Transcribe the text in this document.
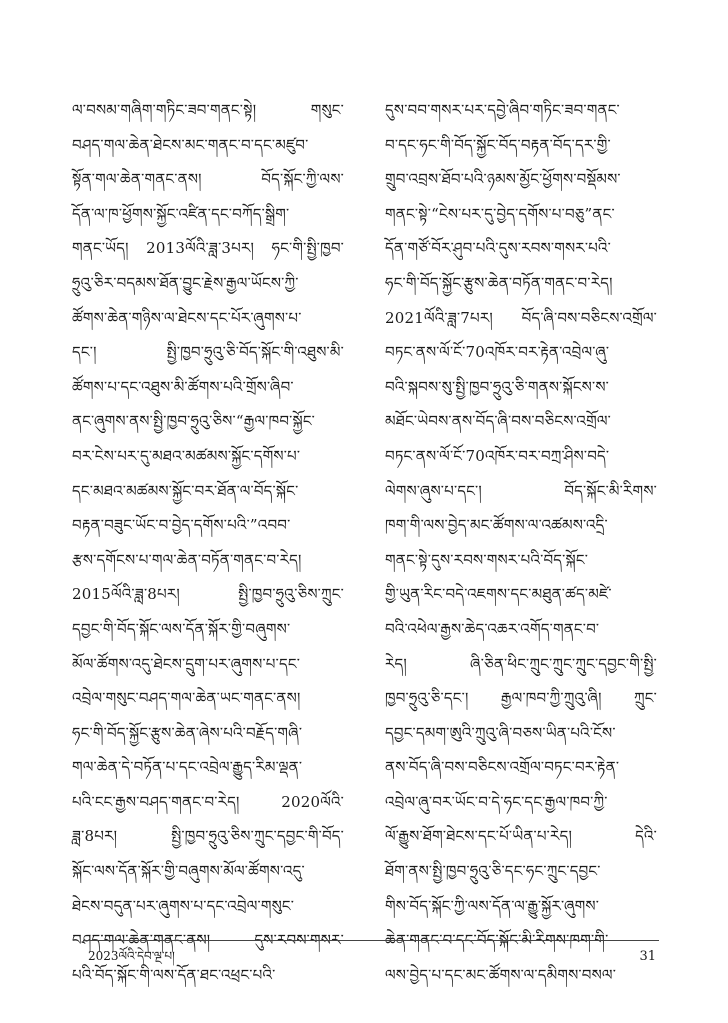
ལ་བསམ་གཞིག་གཏིང་ཟབ་གནང་སྟེ། གསུང་
བཤད་གལ་ཆེན་ཐེངས་མང་གནང་བ་དང་མཛུབ་
སྟོན་གལ་ཆེན་གནང་ནས། བོད་སྐོང་ཀྱི་ལས་
དོན་ལ་ཁ་ཕྱོགས་སྐྱོང་འཛིན་དང་བཀོད་སྒྲིག་
གནང་ཡོད། 2013ལོའི་ཟླ་3པར། ཧང་གི་སྤྱི་ཁྱབ་
ཧྲུའུ་ཅིར་བདམས་ཐོན་བྱུང་རྗེས་རྒྱལ་ཡོངས་ཀྱི་
ཚོགས་ཆེན་གཉིས་ལ་ཐེངས་དང་པོར་ཞུགས་པ་
དང་། སྤྱི་ཁྱབ་ཧྲུའུ་ཅི་བོད་སྐོང་གི་འཐུས་མི་
ཚོགས་པ་དང་འཐུས་མི་ཚོགས་པའི་གྲོས་ཞིབ་
ནང་ཞུགས་ནས་སྤྱི་ཁྱབ་ཧྲུའུ་ཅིས་“རྒྱལ་ཁབ་སྐྱོང་
བར་ངེས་པར་དུ་མཐའ་མཚམས་སྐྱོང་དགོས་པ་
དང་མཐའ་མཚམས་སྐྱོང་བར་ཐོན་ལ་བོད་སྐོང་
བརྟན་བཟུང་ཡོང་བ་བྱེད་དགོས་པའི་”འབབ་
རྩས་དགོངས་པ་གལ་ཆེན་བཏོན་གནང་བ་རེད།
2015ལོའི་ཟླ་8པར། སྤྱི་ཁྱབ་ཧྲུའུ་ཅིས་ཀྲུང་
དབྱང་གི་བོད་སྐོང་ལས་དོན་སྐོར་གྱི་བཞུགས་
མོལ་ཚོགས་འདུ་ཐེངས་དྲུག་པར་ཞུགས་པ་དང་
འབྲེལ་གསུང་བཤད་གལ་ཆེན་ཡང་གནང་ནས།
ཧང་གི་བོད་སྐྱོང་རྩུས་ཆེན་ཞེས་པའི་བརྗོད་གཞི་
གལ་ཆེན་དེ་བཏོན་པ་དང་འབྲེལ་རྒྱུད་རིམ་ལྡན་
པའི་ངང་རྒྱས་བཤད་གནང་བ་རེད། 2020ལོའི་
ཟླ་8པར། སྤྱི་ཁྱབ་ཧྲུའུ་ཅིས་ཀྲུང་དབྱང་གི་བོད་
སྐོང་ལས་དོན་སྐོར་གྱི་བཞུགས་མོལ་ཚོགས་འདུ་
ཐེངས་བདུན་པར་ཞུགས་པ་དང་འབྲེལ་གསུང་
བཤད་གལ་ཆེན་གནང་ནས། དུས་རབས་གསར་
པའི་བོད་སྐོང་གི་ལས་དོན་ཐང་འཕྲང་པའི་
དུས་བབ་གསར་པར་དབྱེ་ཞིབ་གཏིང་ཟབ་གནང་
བ་དང་ཧང་གི་བོད་སྐྱོང་བོད་བརྟན་བོད་དར་གྱི་
གྲུབ་འབྲས་ཐོབ་པའི་ཉམས་མྱོང་ཕྱོགས་བསྡོམས་
གནང་སྟེ་“ངེས་པར་དུ་བྱེད་དགོས་པ་བཅུ”ནང་
དོན་གཙོ་བོར་ཤུབ་པའི་དུས་རབས་གསར་པའི་
ཧང་གི་བོད་སྐྱོང་རྩུས་ཆེན་བཏོན་གནང་བ་རེད།
2021ལོའི་ཟླ་7པར། བོད་ཞི་བས་བཅིངས་འགྲོལ་
བཏང་ནས་ལོ་ངོ་70འཁོར་བར་རྟེན་འབྲེལ་ཞུ་
བའི་སྐབས་སུ་སྤྱི་ཁྱབ་ཧྲུའུ་ཅི་གནས་སྐོངས་ས་
མཐོང་ཡེབས་ནས་བོད་ཞི་བས་བཅིངས་འགྲོལ་
བཏང་ནས་ལོ་ངོ་70འཁོར་བར་བཀྲ་ཤིས་བདེ་
ལེགས་ཞུས་པ་དང་། བོད་སྐོང་མི་རིགས་
ཁག་གི་ལས་བྱེད་མང་ཚོགས་ལ་འཚམས་འདྲི་
གནང་སྟེ་དུས་རབས་གསར་པའི་བོད་སྐོང་
གྱི་ཡུན་རིང་བདེ་འཇགས་དང་མཐུན་ཚད་མཛེ་
བའི་འཕེལ་རྒྱས་ཆེད་འཆར་འགོད་གནང་བ་
རེད། ཞི་ཅིན་ཕིང་ཀྲུང་ཀྲུང་ཀྲུང་དབྱང་གི་སྤྱི་
ཁྱབ་ཧྲུའུ་ཅི་དང་། རྒྱལ་ཁབ་ཀྱི་ཀྲུའུ་ཞི། ཀྲུང་
དབྱང་དམག་ཨུའི་ཀྲུའུ་ཞི་བཅས་ཡིན་པའི་ངོས་
ནས་བོད་ཞི་བས་བཅིངས་འགྲོལ་བཏང་བར་རྟེན་
འབྲེལ་ཞུ་བར་ཡོང་བ་དེ་ཧང་དང་རྒྱལ་ཁབ་ཀྱི་
ལོ་རྒྱུས་ཐོག་ཐེངས་དང་པོ་ཡིན་པ་རེད། དེའི་
ཐོག་ནས་སྤྱི་ཁྱབ་ཧྲུའུ་ཅི་དང་ཧང་ཀྲུང་དབྱང་
གིས་བོད་སྐོང་ཀྱི་ལས་དོན་ལ་རྒྱུ་སྐྱོར་ཞུགས་
ཆེན་གནང་བ་དང་བོད་སྐོང་མི་རིགས་ཁག་གི་
ལས་བྱེད་པ་དང་མང་ཚོགས་ལ་དམིགས་བསལ་
2023ལོའི་དེབ་ལྔ་པ།	31
